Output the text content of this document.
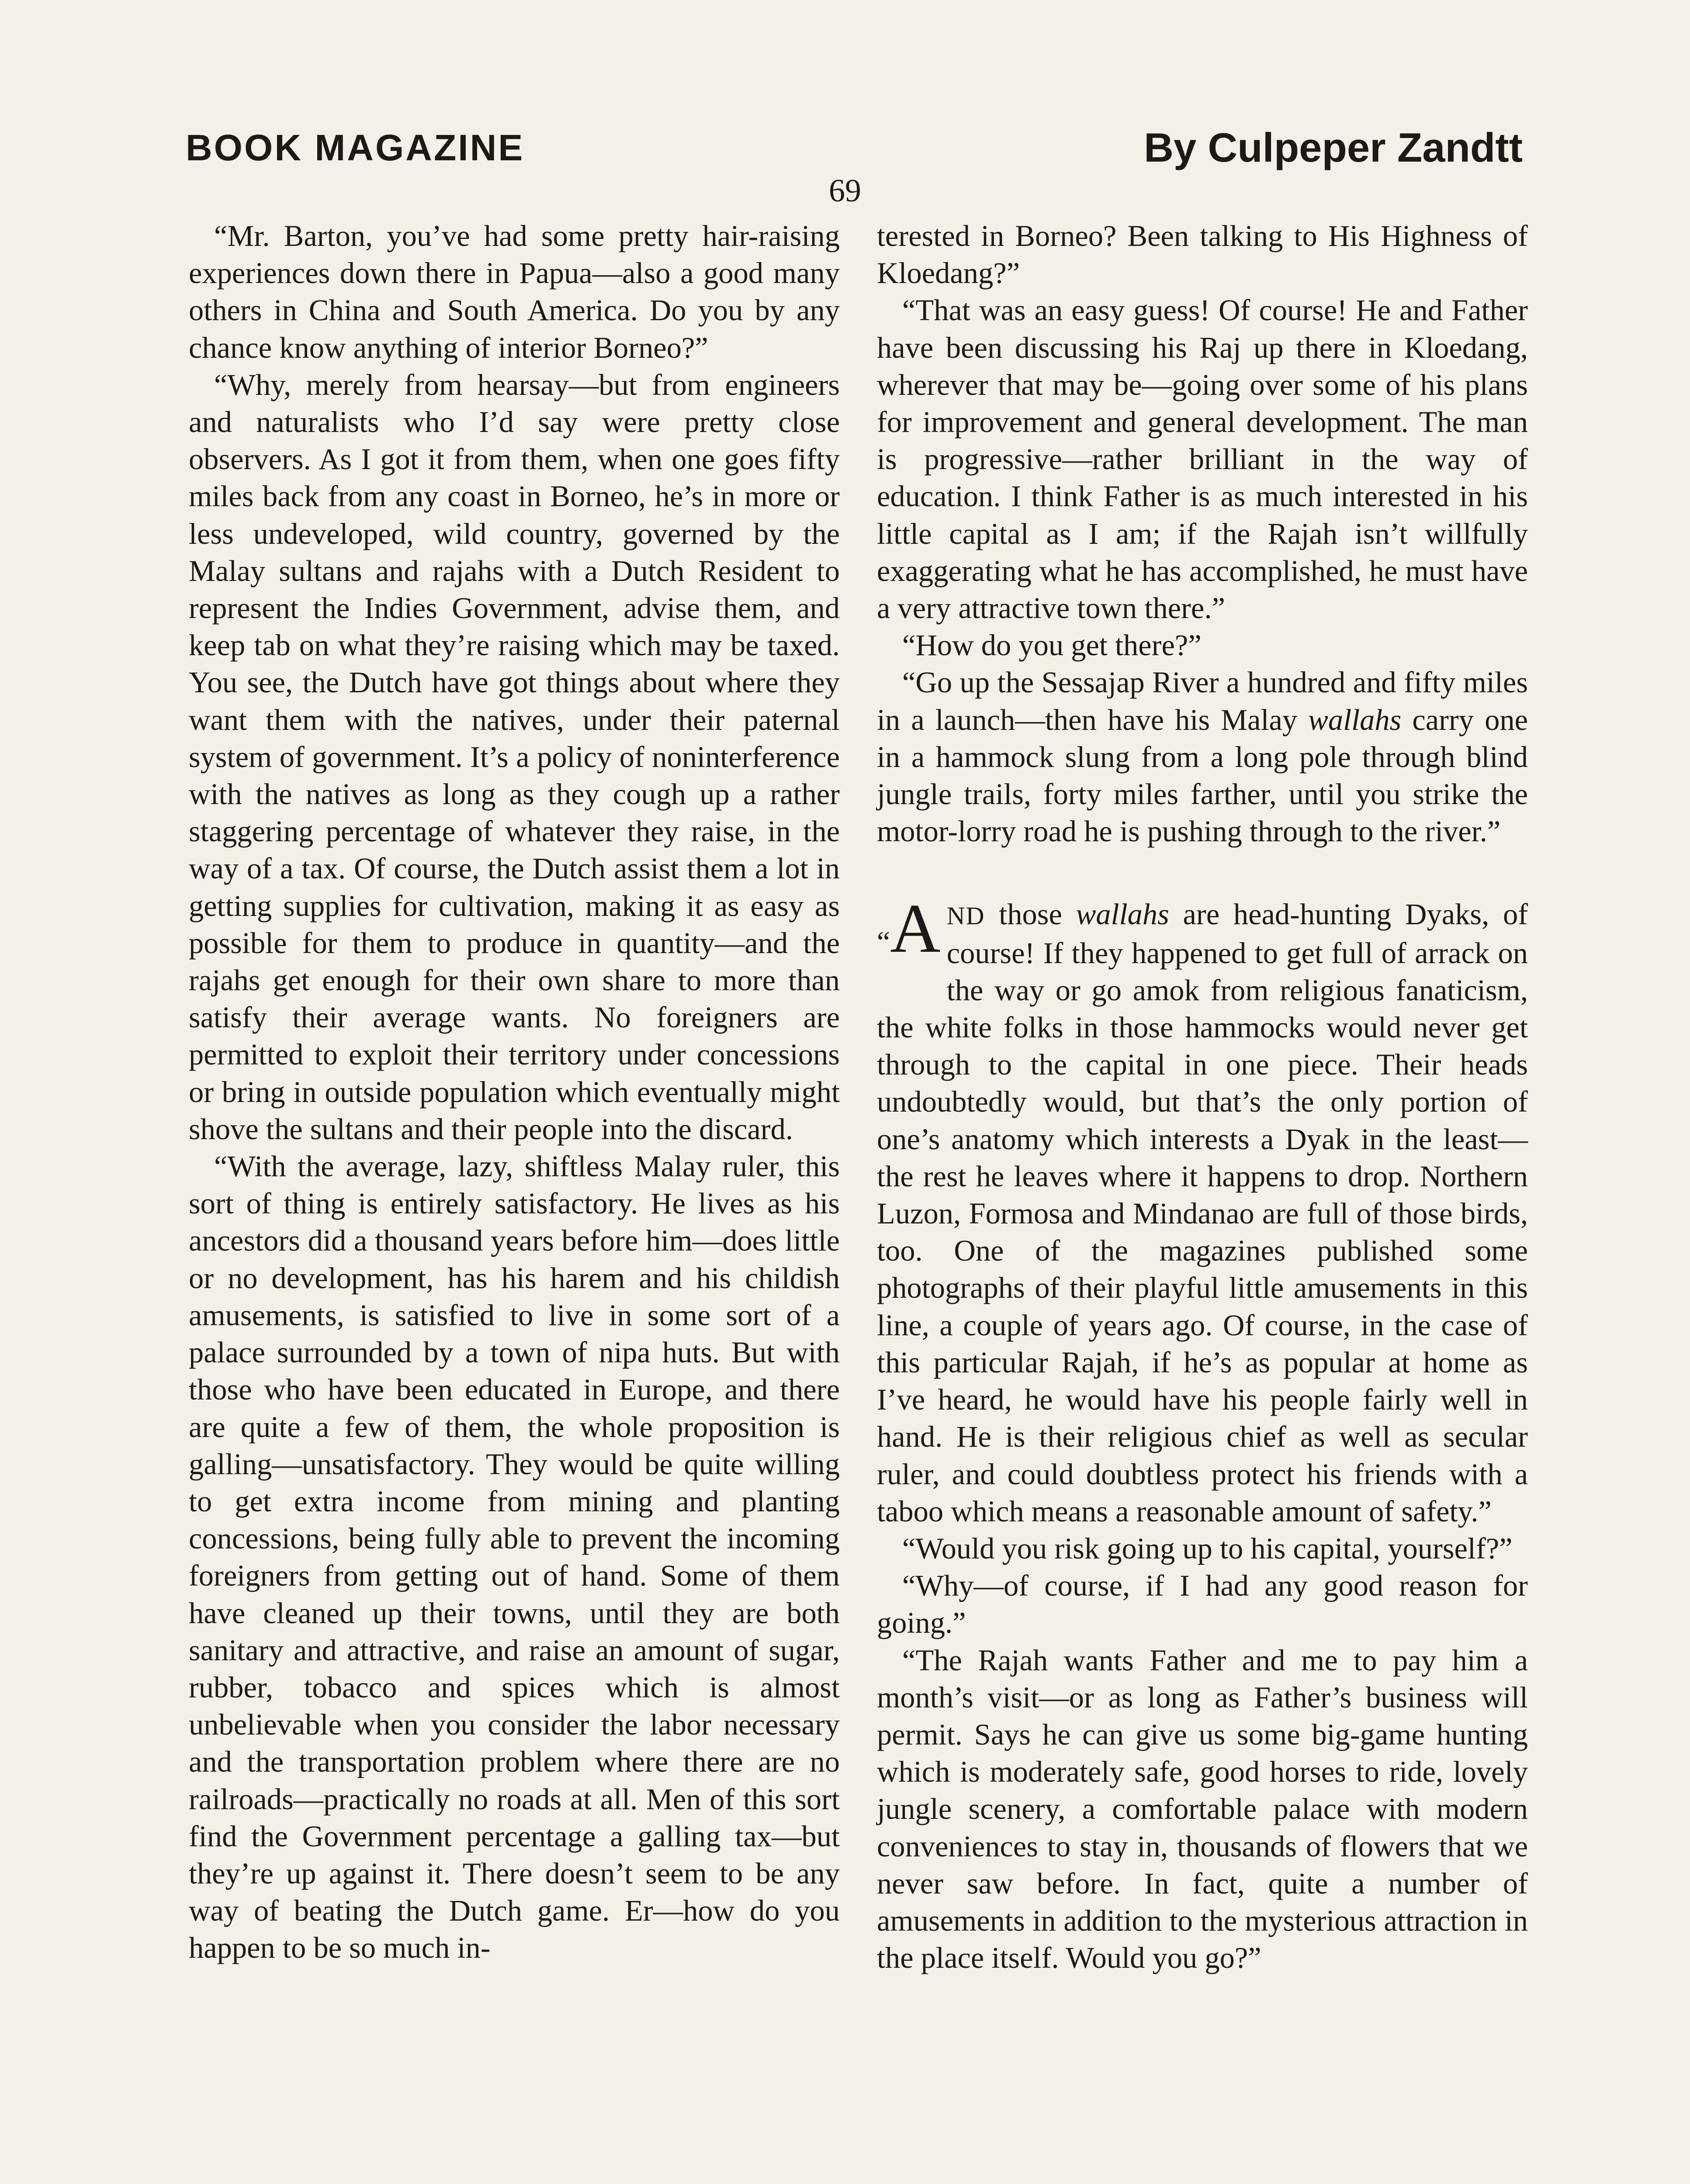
BOOK MAGAZINE	By Culpeper Zandtt
69

“Mr. Barton, you’ve had some pretty hair-raising experiences down there in Papua—also a good many others in China and South America. Do you by any chance know anything of interior Borneo?”

“Why, merely from hearsay—but from engineers and naturalists who I’d say were pretty close observers. As I got it from them, when one goes fifty miles back from any coast in Borneo, he’s in more or less undeveloped, wild country, governed by the Malay sultans and rajahs with a Dutch Resident to represent the Indies Government, advise them, and keep tab on what they’re raising which may be taxed. You see, the Dutch have got things about where they want them with the natives, under their paternal system of government. It’s a policy of noninterference with the natives as long as they cough up a rather staggering percentage of whatever they raise, in the way of a tax. Of course, the Dutch assist them a lot in getting supplies for cultivation, making it as easy as possible for them to produce in quantity—and the rajahs get enough for their own share to more than satisfy their average wants. No foreigners are permitted to exploit their territory under concessions or bring in outside population which eventually might shove the sultans and their people into the discard.

“With the average, lazy, shiftless Malay ruler, this sort of thing is entirely satisfactory. He lives as his ancestors did a thousand years before him—does little or no development, has his harem and his childish amusements, is satisfied to live in some sort of a palace surrounded by a town of nipa huts. But with those who have been educated in Europe, and there are quite a few of them, the whole proposition is galling—unsatisfactory. They would be quite willing to get extra income from mining and planting concessions, being fully able to prevent the incoming foreigners from getting out of hand. Some of them have cleaned up their towns, until they are both sanitary and attractive, and raise an amount of sugar, rubber, tobacco and spices which is almost unbelievable when you consider the labor necessary and the transportation problem where there are no railroads—practically no roads at all. Men of this sort find the Government percentage a galling tax—but they’re up against it. There doesn’t seem to be any way of beating the Dutch game. Er—how do you happen to be so much in-

terested in Borneo? Been talking to His Highness of Kloedang?”

“That was an easy guess! Of course! He and Father have been discussing his Raj up there in Kloedang, wherever that may be—going over some of his plans for improvement and general development. The man is progressive—rather brilliant in the way of education. I think Father is as much interested in his little capital as I am; if the Rajah isn’t willfully exaggerating what he has accomplished, he must have a very attractive town there.”

“How do you get there?”

“Go up the Sessajap River a hundred and fifty miles in a launch—then have his Malay wallahs carry one in a hammock slung from a long pole through blind jungle trails, forty miles farther, until you strike the motor-lorry road he is pushing through to the river.”

“A ND those wallahs are head-hunting Dyaks, of course! If they happened to get full of arrack on the way or go amok from religious fanaticism, the white folks in those hammocks would never get through to the capital in one piece. Their heads undoubtedly would, but that’s the only portion of one’s anatomy which interests a Dyak in the least—the rest he leaves where it happens to drop. Northern Luzon, Formosa and Mindanao are full of those birds, too. One of the magazines published some photographs of their playful little amusements in this line, a couple of years ago. Of course, in the case of this particular Rajah, if he’s as popular at home as I’ve heard, he would have his people fairly well in hand. He is their religious chief as well as secular ruler, and could doubtless protect his friends with a taboo which means a reasonable amount of safety.”

“Would you risk going up to his capital, yourself?”

“Why—of course, if I had any good reason for going.”

“The Rajah wants Father and me to pay him a month’s visit—or as long as Father’s business will permit. Says he can give us some big-game hunting which is moderately safe, good horses to ride, lovely jungle scenery, a comfortable palace with modern conveniences to stay in, thousands of flowers that we never saw before. In fact, quite a number of amusements in addition to the mysterious attraction in the place itself. Would you go?”
